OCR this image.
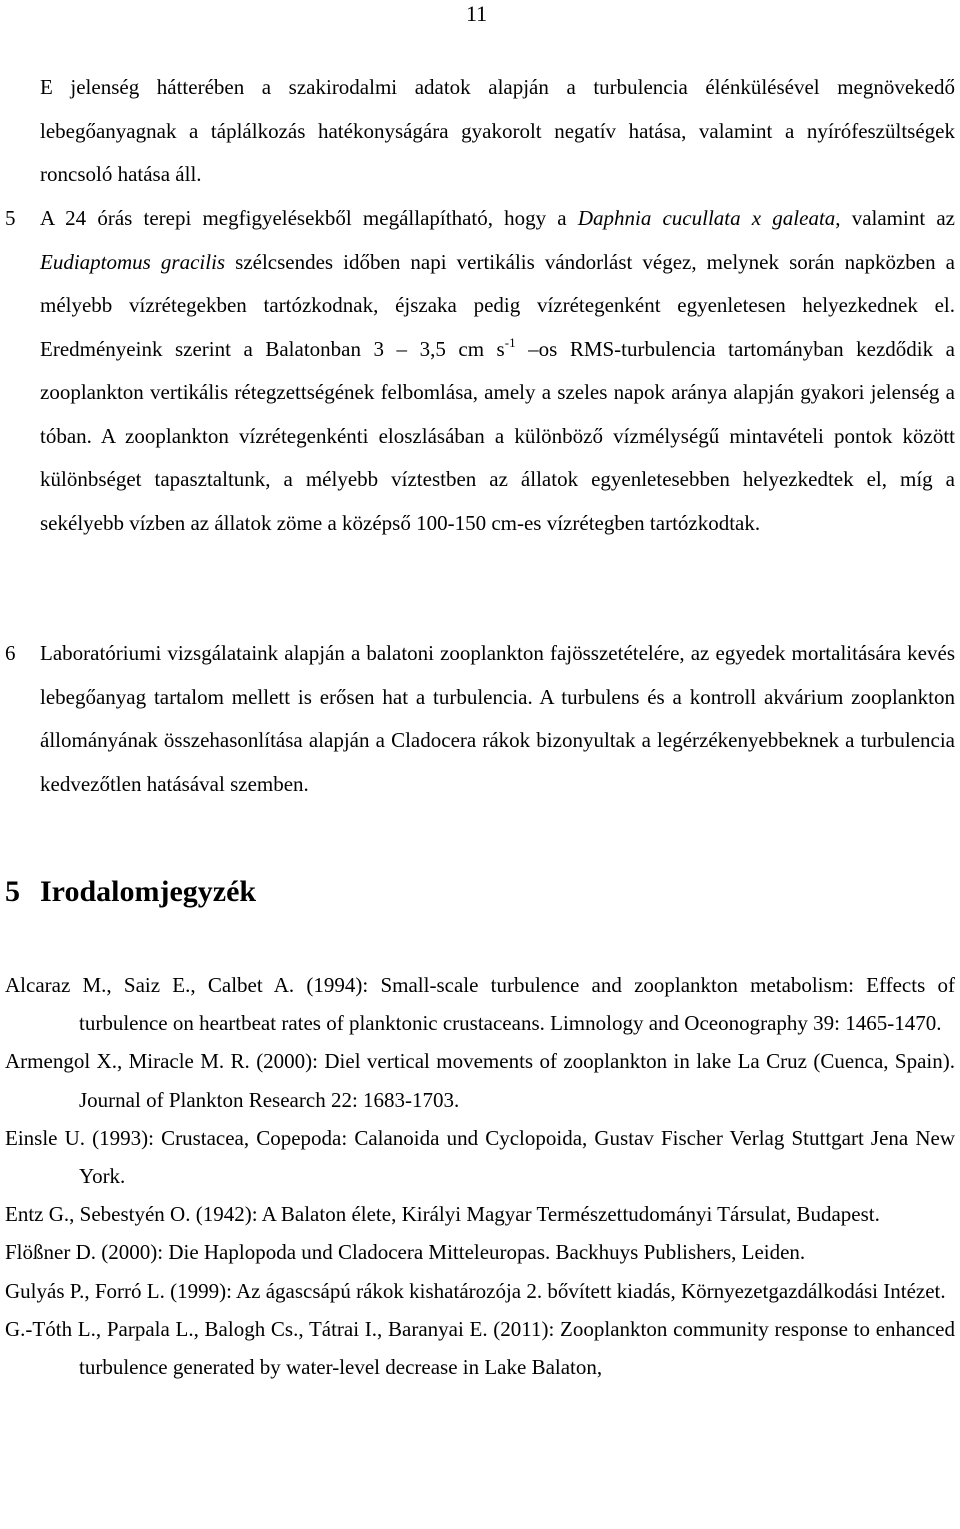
11

E jelenség hátterében a szakirodalmi adatok alapján a turbulencia élénkülésével megnövekedő lebegőanyagnak a táplálkozás hatékonyságára gyakorolt negatív hatása, valamint a nyírófeszültségek roncsoló hatása áll.

5 A 24 órás terepi megfigyelésekből megállapítható, hogy a Daphnia cucullata x galeata, valamint az Eudiaptomus gracilis szélcsendes időben napi vertikális vándorlást végez, melynek során napközben a mélyebb vízrétegekben tartózkodnak, éjszaka pedig vízrétegenként egyenletesen helyezkednek el. Eredményeink szerint a Balatonban 3 – 3,5 cm $s^{-1}$ –os RMS-turbulencia tartományban kezdődik a zooplankton vertikális rétegzettségének felbomlása, amely a szeles napok aránya alapján gyakori jelenség a tóban. A zooplankton vízrétegenkénti eloszlásában a különböző vízmélységű mintavételi pontok között különbséget tapasztaltunk, a mélyebb víztestben az állatok egyenletesebben helyezkedtek el, míg a sekélyebb vízben az állatok zöme a középső 100-150 cm-es vízrétegben tartózkodtak.

6 Laboratóriumi vizsgálataink alapján a balatoni zooplankton fajösszetételére, az egyedek mortalitására kevés lebegőanyag tartalom mellett is erősen hat a turbulencia. A turbulens és a kontroll akvárium zooplankton állományának összehasonlítása alapján a Cladocera rákok bizonyultak a legérzékenyebbeknek a turbulencia kedvezőtlen hatásával szemben.

5 Irodalomjegyzék
Alcaraz M., Saiz E., Calbet A. (1994): Small-scale turbulence and zooplankton metabolism: Effects of turbulence on heartbeat rates of planktonic crustaceans. Limnology and Oceonography 39: 1465-1470.
Armengol X., Miracle M. R. (2000): Diel vertical movements of zooplankton in lake La Cruz (Cuenca, Spain). Journal of Plankton Research 22: 1683-1703.
Einsle U. (1993): Crustacea, Copepoda: Calanoida und Cyclopoida, Gustav Fischer Verlag Stuttgart Jena New York.
Entz G., Sebestyén O. (1942): A Balaton élete, Királyi Magyar Természettudományi Társulat, Budapest.
Flößner D. (2000): Die Haplopoda und Cladocera Mitteleuropas. Backhuys Publishers, Leiden.
Gulyás P., Forró L. (1999): Az ágascsápú rákok kishatározója 2. bővített kiadás, Környezetgazdálkodási Intézet.
G.-Tóth L., Parpala L., Balogh Cs., Tátrai I., Baranyai E. (2011): Zooplankton community response to enhanced turbulence generated by water-level decrease in Lake Balaton,
